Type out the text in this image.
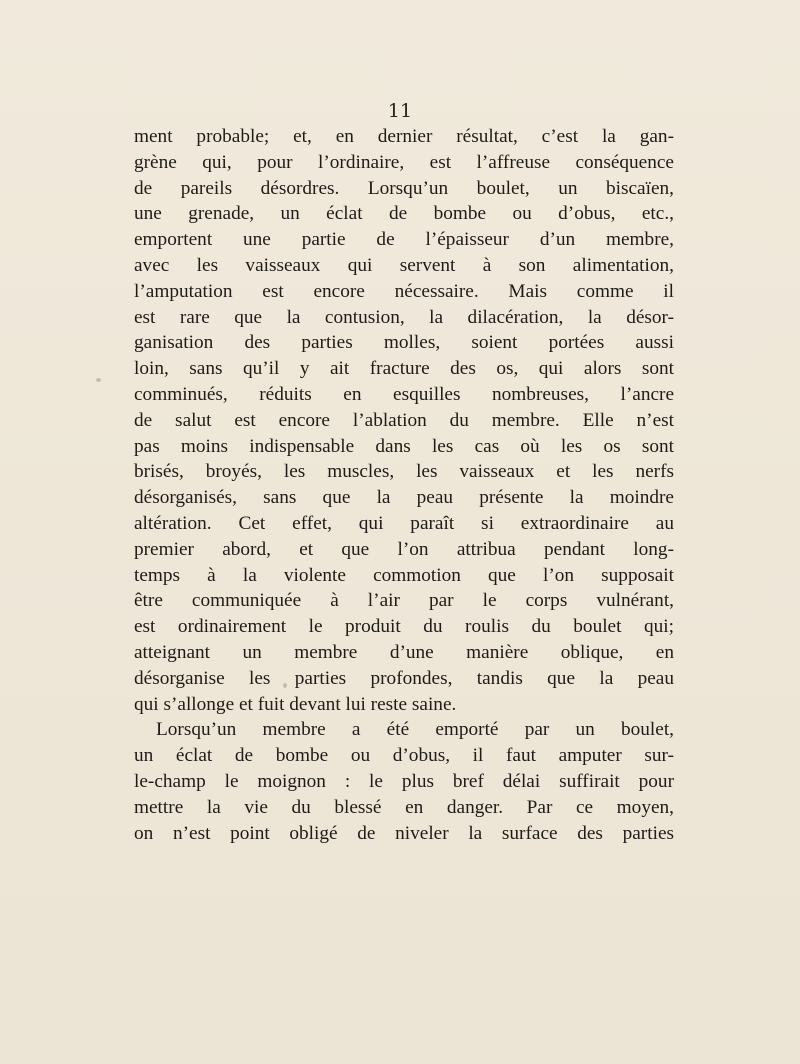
11
ment probable; et, en dernier résultat, c’est la gan-
grène qui, pour l’ordinaire, est l’affreuse conséquence
de pareils désordres. Lorsqu’un boulet, un biscaïen,
une grenade, un éclat de bombe ou d’obus, etc.,
emportent une partie de l’épaisseur d’un membre,
avec les vaisseaux qui servent à son alimentation,
l’amputation est encore nécessaire. Mais comme il
est rare que la contusion, la dilacération, la désor-
ganisation des parties molles, soient portées aussi
loin, sans qu’il y ait fracture des os, qui alors sont
comminués, réduits en esquilles nombreuses, l’ancre
de salut est encore l’ablation du membre. Elle n’est
pas moins indispensable dans les cas où les os sont
brisés, broyés, les muscles, les vaisseaux et les nerfs
désorganisés, sans que la peau présente la moindre
altération. Cet effet, qui paraît si extraordinaire au
premier abord, et que l’on attribua pendant long-
temps à la violente commotion que l’on supposait
être communiquée à l’air par le corps vulnérant,
est ordinairement le produit du roulis du boulet qui;
atteignant un membre d’une manière oblique, en
désorganise les parties profondes, tandis que la peau
qui s’allonge et fuit devant lui reste saine.
Lorsqu’un membre a été emporté par un boulet,
un éclat de bombe ou d’obus, il faut amputer sur-
le-champ le moignon : le plus bref délai suffirait pour
mettre la vie du blessé en danger. Par ce moyen,
on n’est point obligé de niveler la surface des parties
